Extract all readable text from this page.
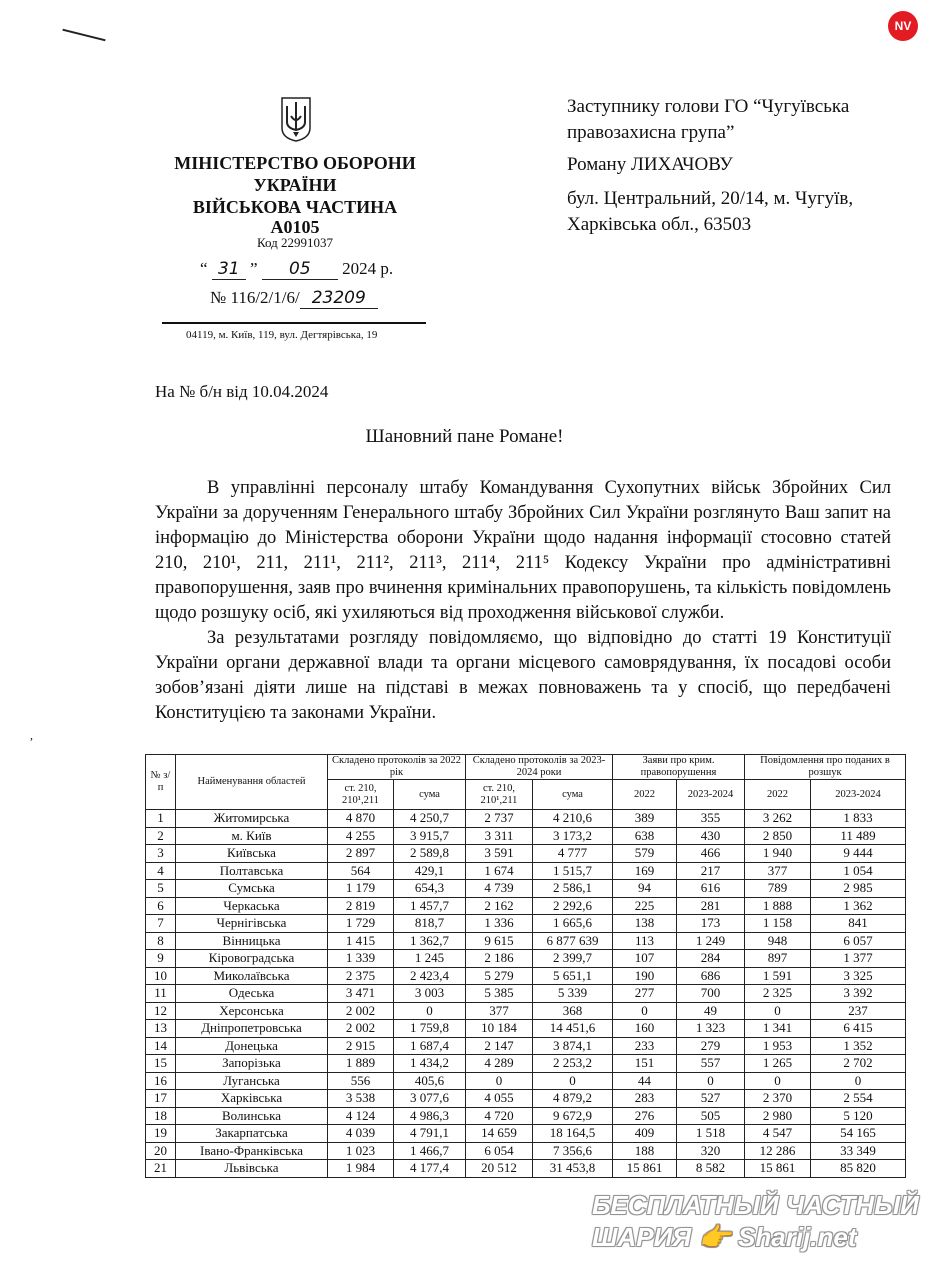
NV
,
МІНІСТЕРСТВО ОБОРОНИ
УКРАЇНИ
ВІЙСЬКОВА ЧАСТИНА
А0105
Код 22991037
“ 31 ” 05 2024 р.
№ 116/2/1/6/ 23209
04119, м. Київ, 119, вул. Дегтярівська, 19
Заступнику голови ГО “Чугуївська
правозахисна група”
Роману ЛИХАЧОВУ
бул. Центральний, 20/14, м. Чугуїв,
Харківська обл., 63503
На № б/н від 10.04.2024
Шановний пане Романе!

В управлінні персоналу штабу Командування Сухопутних військ Збройних Сил України за дорученням Генерального штабу Збройних Сил України розглянуто Ваш запит на інформацію до Міністерства оборони України щодо надання інформації стосовно статей 210, 210¹, 211, 211¹, 211², 211³, 211⁴, 211⁵ Кодексу України про адміністративні правопорушення, заяв про вчинення кримінальних правопорушень, та кількість повідомлень щодо розшуку осіб, які ухиляються від проходження військової служби.

За результатами розгляду повідомляємо, що відповідно до статті 19 Конституції України органи державної влади та органи місцевого самоврядування, їх посадові особи зобов’язані діяти лише на підставі в межах повноважень та у спосіб, що передбачені Конституцією та законами України.

№ з/п	Найменування областей	Складено протоколів за 2022 рік		Складено протоколів за 2023-2024 роки		Заяви про крим. правопорушення		Повідомлення про поданих в розшук	
		ст. 210, 210¹,211	сума	ст. 210, 210¹,211	сума	2022	2023-2024	2022	2023-2024
1	Житомирська	4 870	4 250,7	2 737	4 210,6	389	355	3 262	1 833
2	м. Київ	4 255	3 915,7	3 311	3 173,2	638	430	2 850	11 489
3	Київська	2 897	2 589,8	3 591	4 777	579	466	1 940	9 444
4	Полтавська	564	429,1	1 674	1 515,7	169	217	377	1 054
5	Сумська	1 179	654,3	4 739	2 586,1	94	616	789	2 985
6	Черкаська	2 819	1 457,7	2 162	2 292,6	225	281	1 888	1 362
7	Чернігівська	1 729	818,7	1 336	1 665,6	138	173	1 158	841
8	Вінницька	1 415	1 362,7	9 615	6 877 639	113	1 249	948	6 057
9	Кіровоградська	1 339	1 245	2 186	2 399,7	107	284	897	1 377
10	Миколаївська	2 375	2 423,4	5 279	5 651,1	190	686	1 591	3 325
11	Одеська	3 471	3 003	5 385	5 339	277	700	2 325	3 392
12	Херсонська	2 002	0	377	368	0	49	0	237
13	Дніпропетровська	2 002	1 759,8	10 184	14 451,6	160	1 323	1 341	6 415
14	Донецька	2 915	1 687,4	2 147	3 874,1	233	279	1 953	1 352
15	Запорізька	1 889	1 434,2	4 289	2 253,2	151	557	1 265	2 702
16	Луганська	556	405,6	0	0	44	0	0	0
17	Харківська	3 538	3 077,6	4 055	4 879,2	283	527	2 370	2 554
18	Волинська	4 124	4 986,3	4 720	9 672,9	276	505	2 980	5 120
19	Закарпатська	4 039	4 791,1	14 659	18 164,5	409	1 518	4 547	54 165
20	Івано-Франківська	1 023	1 466,7	6 054	7 356,6	188	320	12 286	33 349
21	Львівська	1 984	4 177,4	20 512	31 453,8	15 861	8 582	15 861	85 820
БЕСПЛАТНЫЙ ЧАСТНЫЙ
ШАРИЯ 👉 Sharij.net
